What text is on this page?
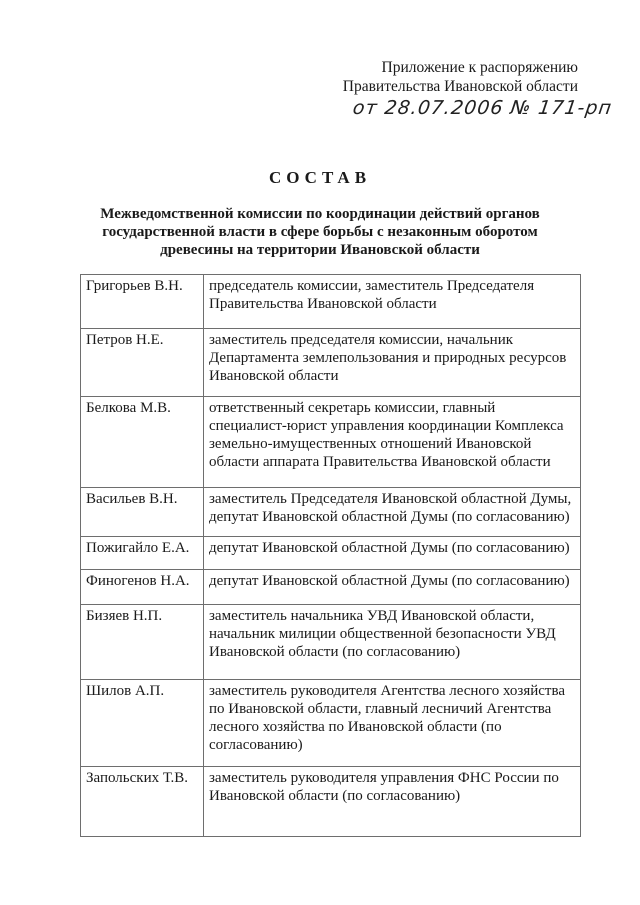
Приложение к распоряжению
Правительства Ивановской области
от 28.07.2006 № 171-рп
СОСТАВ
Межведомственной комиссии по координации действий органов государственной власти в сфере борьбы с незаконным оборотом древесины на территории Ивановской области
Григорьев В.Н.	председатель комиссии, заместитель Председателя Правительства Ивановской области
Петров Н.Е.	заместитель председателя комиссии, начальник Департамента землепользования и природных ресурсов Ивановской области
Белкова М.В.	ответственный секретарь комиссии, главный специалист-юрист управления координации Комплекса земельно-имущественных отношений Ивановской области аппарата Правительства Ивановской области
Васильев В.Н.	заместитель Председателя Ивановской областной Думы, депутат Ивановской областной Думы (по согласованию)
Пожигайло Е.А.	депутат Ивановской областной Думы (по согласованию)
Финогенов Н.А.	депутат Ивановской областной Думы (по согласованию)
Бизяев Н.П.	заместитель начальника УВД Ивановской области, начальник милиции общественной безопасности УВД Ивановской области (по согласованию)
Шилов А.П.	заместитель руководителя Агентства лесного хозяйства по Ивановской области, главный лесничий Агентства лесного хозяйства по Ивановской области (по согласованию)
Запольских Т.В.	заместитель руководителя управления ФНС России по Ивановской области (по согласованию)
